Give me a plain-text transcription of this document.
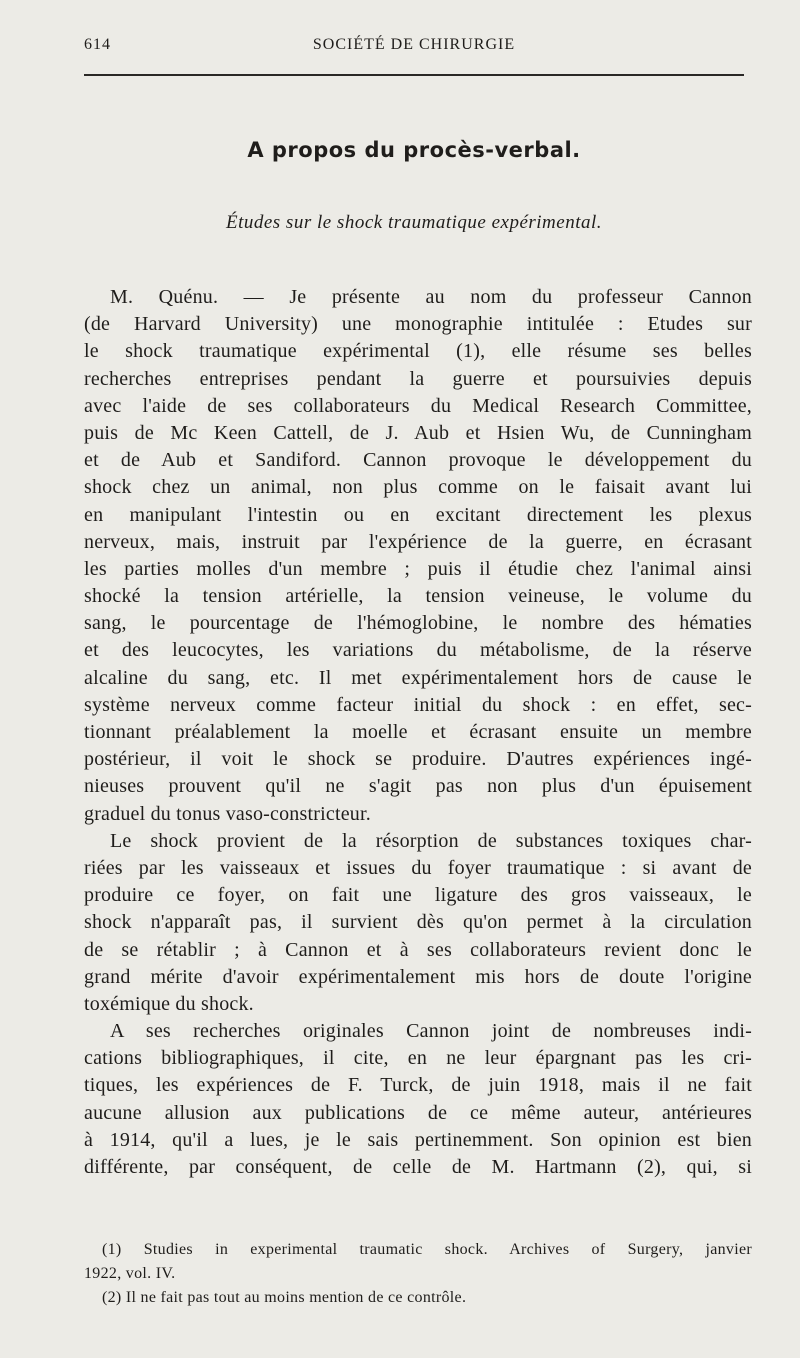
614	SOCIÉTÉ DE CHIRURGIE
A propos du procès-verbal.
Études sur le shock traumatique expérimental.
M. Quénu. — Je présente au nom du professeur Cannon
(de Harvard University) une monographie intitulée : Etudes sur
le shock traumatique expérimental (1), elle résume ses belles
recherches entreprises pendant la guerre et poursuivies depuis
avec l'aide de ses collaborateurs du Medical Research Committee,
puis de Mc Keen Cattell, de J. Aub et Hsien Wu, de Cunningham
et de Aub et Sandiford. Cannon provoque le développement du
shock chez un animal, non plus comme on le faisait avant lui
en manipulant l'intestin ou en excitant directement les plexus
nerveux, mais, instruit par l'expérience de la guerre, en écrasant
les parties molles d'un membre ; puis il étudie chez l'animal ainsi
shocké la tension artérielle, la tension veineuse, le volume du
sang, le pourcentage de l'hémoglobine, le nombre des hématies
et des leucocytes, les variations du métabolisme, de la réserve
alcaline du sang, etc. Il met expérimentalement hors de cause le
système nerveux comme facteur initial du shock : en effet, sec-
tionnant préalablement la moelle et écrasant ensuite un membre
postérieur, il voit le shock se produire. D'autres expériences ingé-
nieuses prouvent qu'il ne s'agit pas non plus d'un épuisement
graduel du tonus vaso-constricteur.
Le shock provient de la résorption de substances toxiques char-
riées par les vaisseaux et issues du foyer traumatique : si avant de
produire ce foyer, on fait une ligature des gros vaisseaux, le
shock n'apparaît pas, il survient dès qu'on permet à la circulation
de se rétablir ; à Cannon et à ses collaborateurs revient donc le
grand mérite d'avoir expérimentalement mis hors de doute l'origine
toxémique du shock.
A ses recherches originales Cannon joint de nombreuses indi-
cations bibliographiques, il cite, en ne leur épargnant pas les cri-
tiques, les expériences de F. Turck, de juin 1918, mais il ne fait
aucune allusion aux publications de ce même auteur, antérieures
à 1914, qu'il a lues, je le sais pertinemment. Son opinion est bien
différente, par conséquent, de celle de M. Hartmann (2), qui, si
(1) Studies in experimental traumatic shock. Archives of Surgery, janvier
1922, vol. IV.
(2) Il ne fait pas tout au moins mention de ce contrôle.
